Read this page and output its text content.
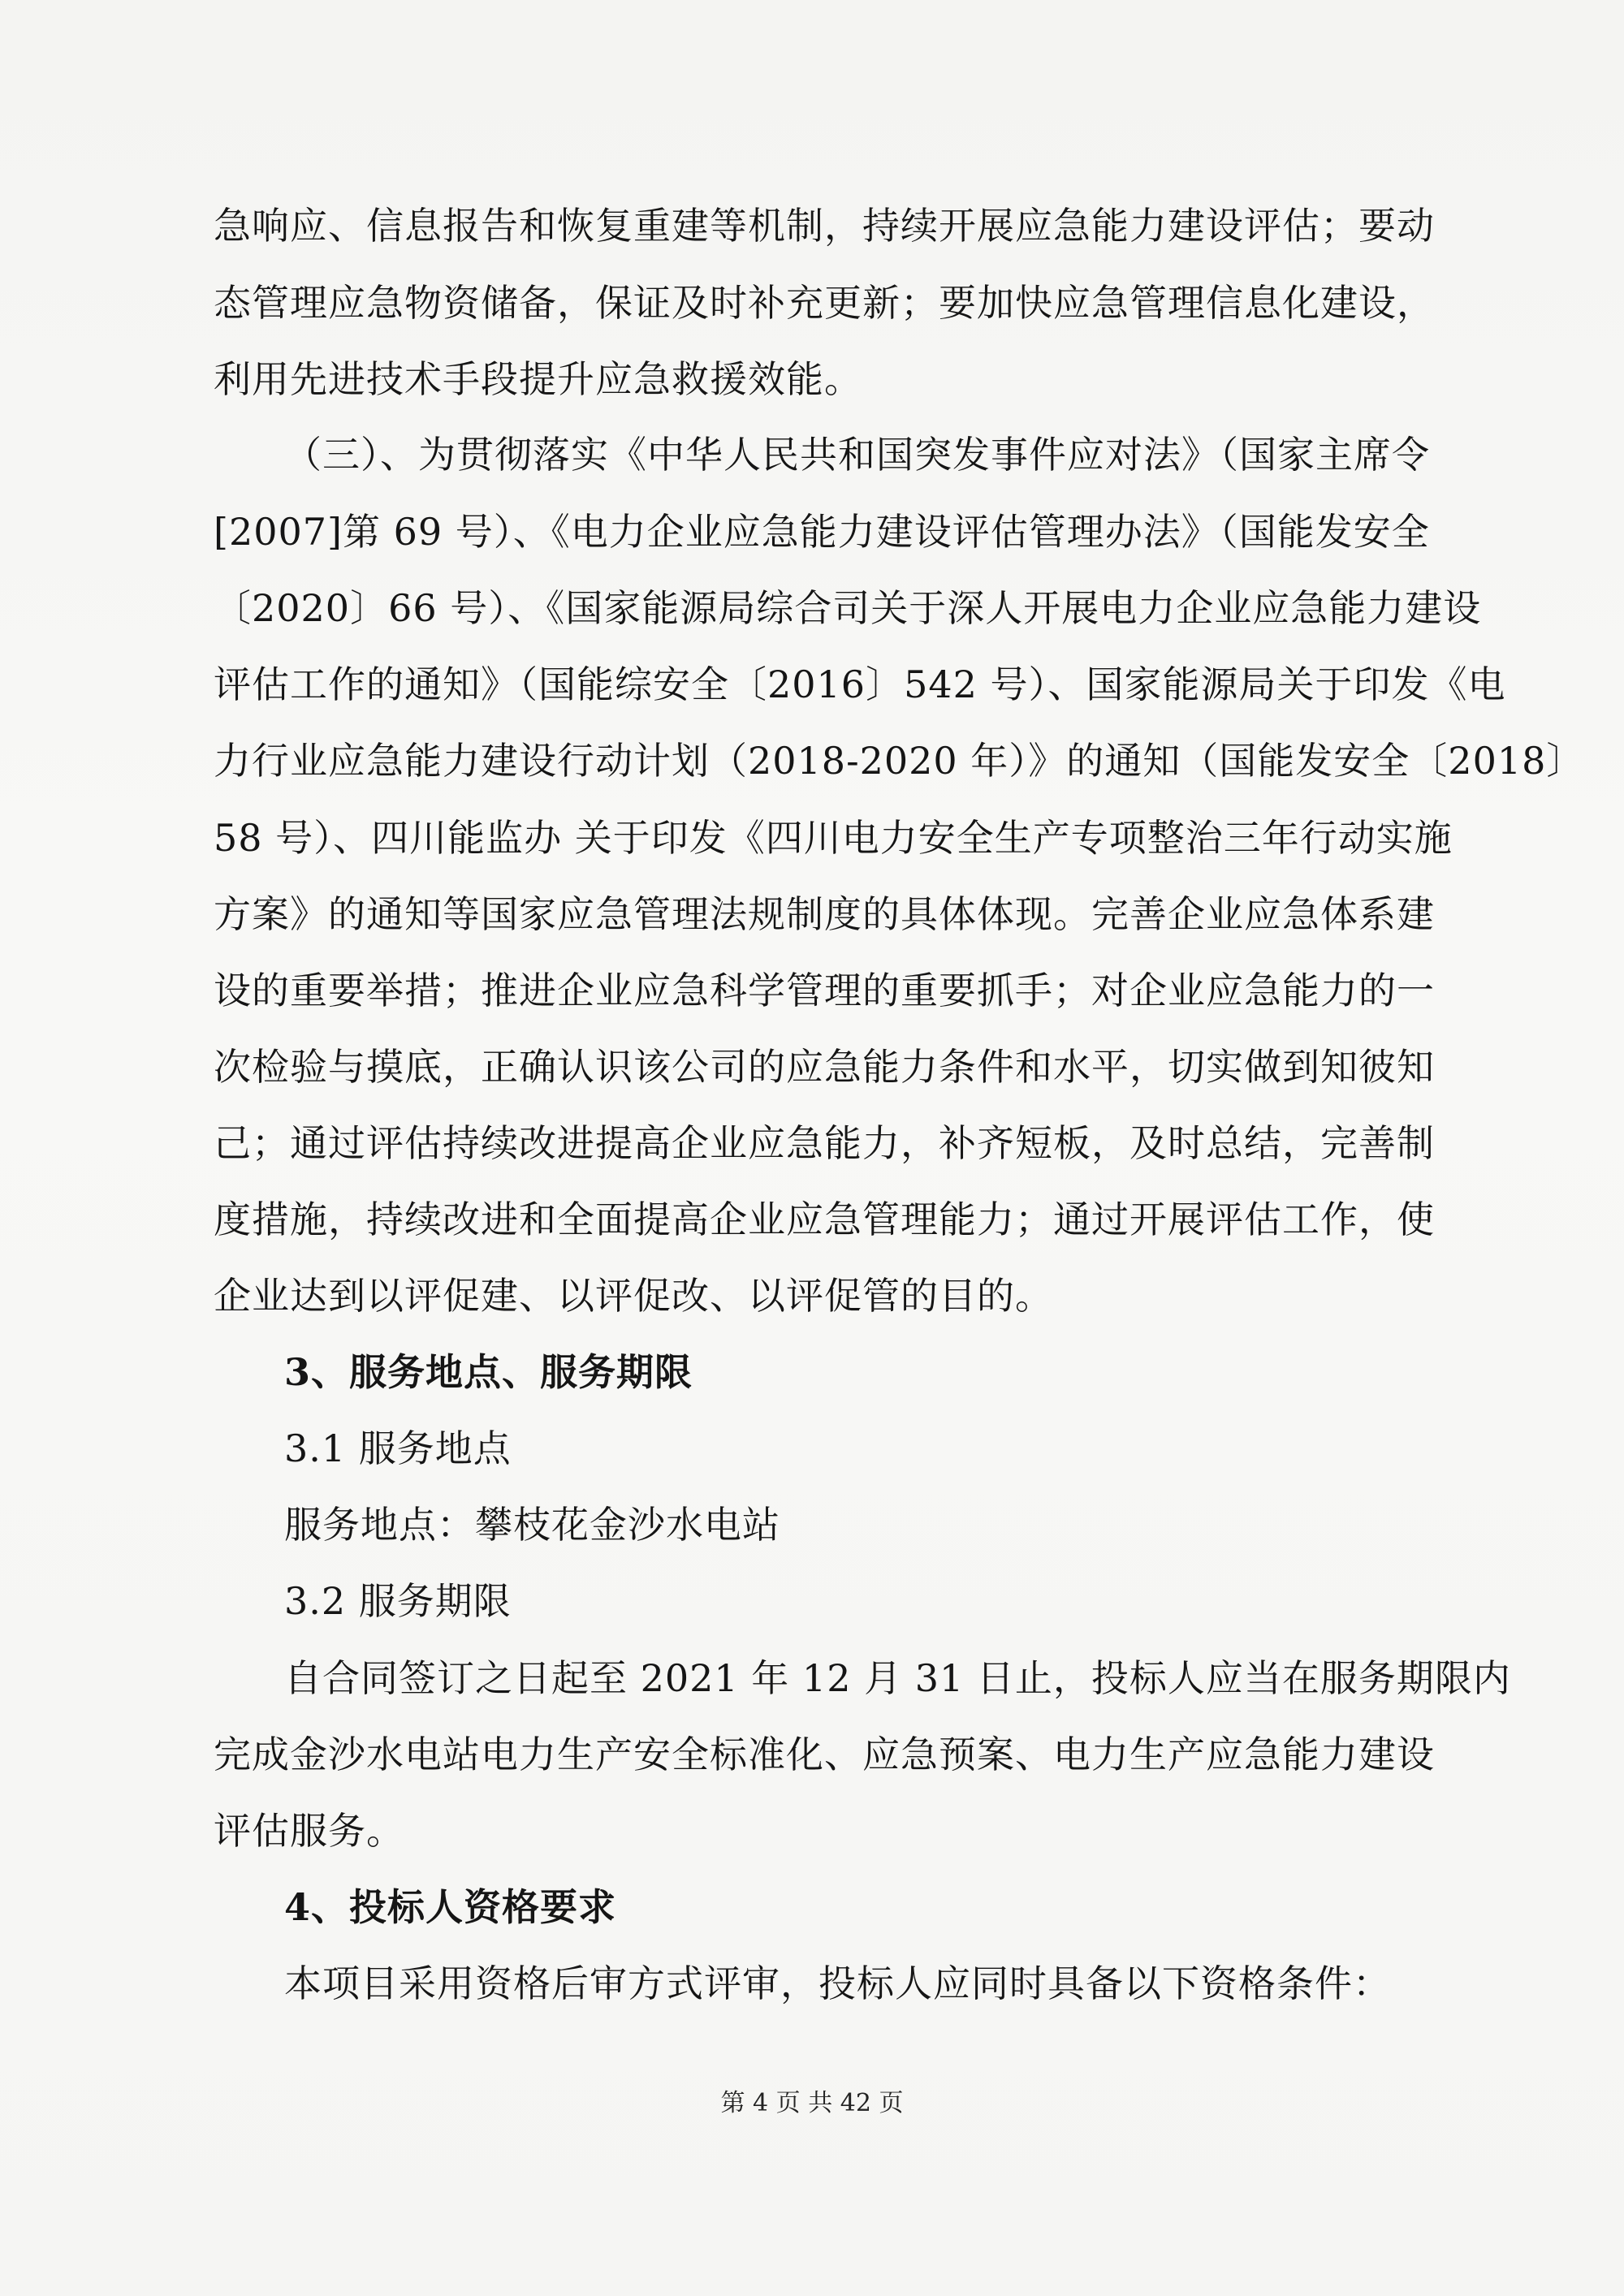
急响应、信息报告和恢复重建等机制，持续开展应急能力建设评估；要动
态管理应急物资储备，保证及时补充更新；要加快应急管理信息化建设，
利用先进技术手段提升应急救援效能。
（三）、为贯彻落实《中华人民共和国突发事件应对法》（国家主席令
[2007]第 69 号）、《电力企业应急能力建设评估管理办法》（国能发安全
〔2020〕66 号）、《国家能源局综合司关于深人开展电力企业应急能力建设
评估工作的通知》（国能综安全〔2016〕542 号）、国家能源局关于印发《电
力行业应急能力建设行动计划（2018-2020 年）》的通知（国能发安全〔2018〕
58 号）、四川能监办 关于印发《四川电力安全生产专项整治三年行动实施
方案》的通知等国家应急管理法规制度的具体体现。完善企业应急体系建
设的重要举措；推进企业应急科学管理的重要抓手；对企业应急能力的一
次检验与摸底，正确认识该公司的应急能力条件和水平，切实做到知彼知
己；通过评估持续改进提高企业应急能力，补齐短板，及时总结，完善制
度措施，持续改进和全面提高企业应急管理能力；通过开展评估工作，使
企业达到以评促建、以评促改、以评促管的目的。
3、服务地点、服务期限
3.1 服务地点
服务地点：攀枝花金沙水电站
3.2 服务期限
自合同签订之日起至 2021 年 12 月 31 日止，投标人应当在服务期限内
完成金沙水电站电力生产安全标准化、应急预案、电力生产应急能力建设
评估服务。
4、投标人资格要求
本项目采用资格后审方式评审，投标人应同时具备以下资格条件：
第 4 页 共 42 页
